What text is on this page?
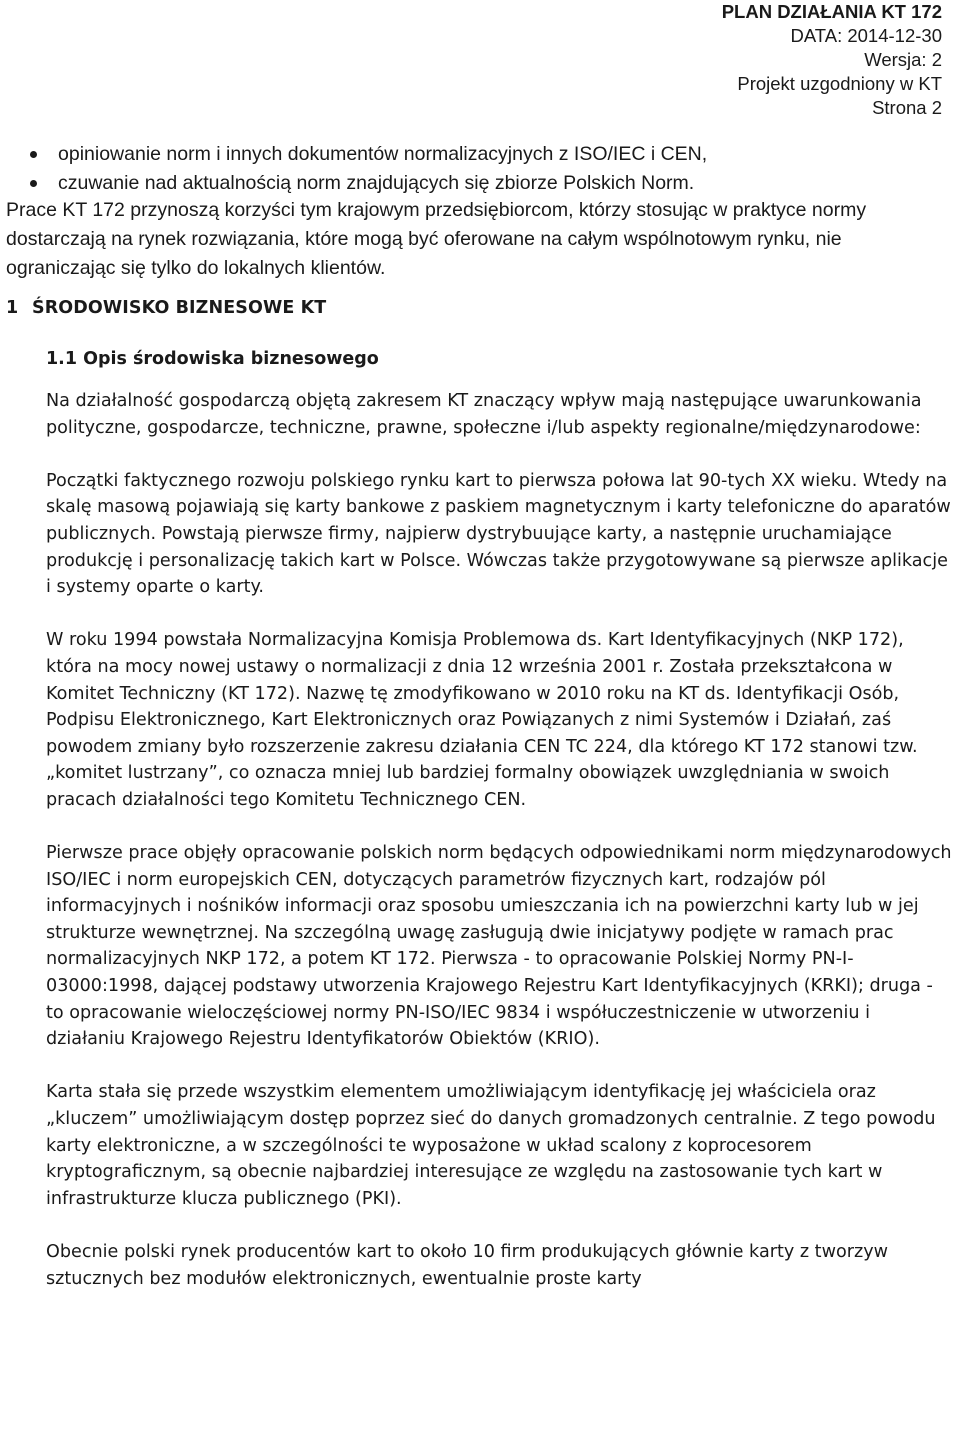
PLAN DZIAŁANIA KT 172
DATA: 2014-12-30
Wersja: 2
Projekt uzgodniony w KT
Strona 2
opiniowanie norm i innych dokumentów normalizacyjnych z ISO/IEC i CEN,
czuwanie nad aktualnością norm znajdujących się zbiorze Polskich Norm.

Prace KT 172 przynoszą korzyści tym krajowym przedsiębiorcom, którzy stosując w praktyce normy dostarczają na rynek rozwiązania, które mogą być oferowane na całym wspólnotowym rynku, nie ograniczając się tylko do lokalnych klientów.

1 ŚRODOWISKO BIZNESOWE KT
1.1 Opis środowiska biznesowego

Na działalność gospodarczą objętą zakresem KT znaczący wpływ mają następujące uwarunkowania polityczne, gospodarcze, techniczne, prawne, społeczne i/lub aspekty regionalne/międzynarodowe:

Początki faktycznego rozwoju polskiego rynku kart to pierwsza połowa lat 90-tych XX wieku. Wtedy na skalę masową pojawiają się karty bankowe z paskiem magnetycznym i karty telefoniczne do aparatów publicznych. Powstają pierwsze firmy, najpierw dystrybuujące karty, a następnie uruchamiające produkcję i personalizację takich kart w Polsce. Wówczas także przygotowywane są pierwsze aplikacje i systemy oparte o karty.

W roku 1994 powstała Normalizacyjna Komisja Problemowa ds. Kart Identyfikacyjnych (NKP 172), która na mocy nowej ustawy o normalizacji z dnia 12 września 2001 r. Została przekształcona w Komitet Techniczny (KT 172). Nazwę tę zmodyfikowano w 2010 roku na KT ds. Identyfikacji Osób, Podpisu Elektronicznego, Kart Elektronicznych oraz Powiązanych z nimi Systemów i Działań, zaś powodem zmiany było rozszerzenie zakresu działania CEN TC 224, dla którego KT 172 stanowi tzw. „komitet lustrzany”, co oznacza mniej lub bardziej formalny obowiązek uwzględniania w swoich pracach działalności tego Komitetu Technicznego CEN.

Pierwsze prace objęły opracowanie polskich norm będących odpowiednikami norm międzynarodowych ISO/IEC i norm europejskich CEN, dotyczących parametrów fizycznych kart, rodzajów pól informacyjnych i nośników informacji oraz sposobu umieszczania ich na powierzchni karty lub w jej strukturze wewnętrznej. Na szczególną uwagę zasługują dwie inicjatywy podjęte w ramach prac normalizacyjnych NKP 172, a potem KT 172. Pierwsza - to opracowanie Polskiej Normy PN-I-03000:1998, dającej podstawy utworzenia Krajowego Rejestru Kart Identyfikacyjnych (KRKI); druga - to opracowanie wieloczęściowej normy PN-ISO/IEC 9834 i współuczestniczenie w utworzeniu i działaniu Krajowego Rejestru Identyfikatorów Obiektów (KRIO).

Karta stała się przede wszystkim elementem umożliwiającym identyfikację jej właściciela oraz „kluczem” umożliwiającym dostęp poprzez sieć do danych gromadzonych centralnie. Z tego powodu karty elektroniczne, a w szczególności te wyposażone w układ scalony z koprocesorem kryptograficznym, są obecnie najbardziej interesujące ze względu na zastosowanie tych kart w infrastrukturze klucza publicznego (PKI).

Obecnie polski rynek producentów kart to około 10 firm produkujących głównie karty z tworzyw sztucznych bez modułów elektronicznych, ewentualnie proste karty
